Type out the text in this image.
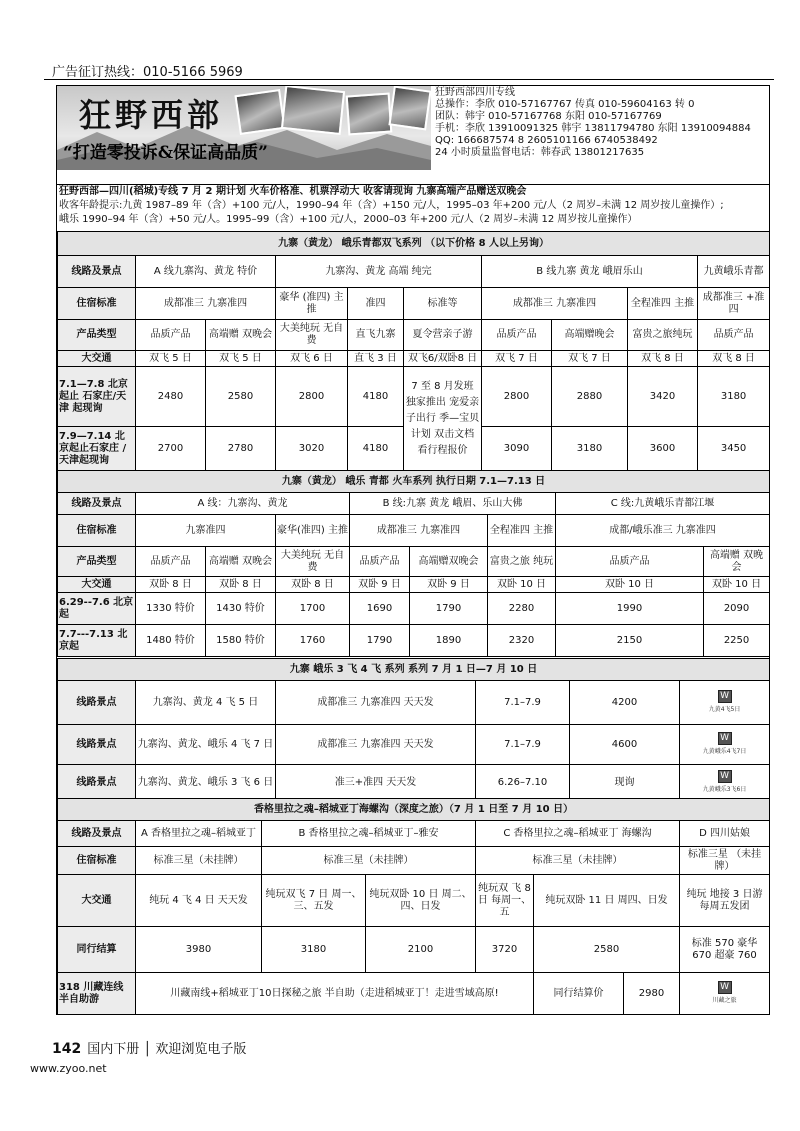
广告征订热线：010-5166 5969
狂野西部
“打造零投诉&保证高品质”
狂野西部四川专线
总操作：李欣 010-57167767 传真 010-59604163 转 0
团队：韩宇 010-57167768 东阳 010-57167769
手机：李欣 13910091325 韩宇 13811794780 东阳 13910094884
QQ: 166687574 8 2605101166 6740538492
24 小时质量监督电话：韩春武 13801217635
狂野西部—四川(稻城)专线 7 月 2 期计划 火车价格准、机票浮动大 收客请现询 九寨高端产品赠送双晚会
收客年龄提示:九黄 1987–89 年（含）+100 元/人，1990–94 年（含）+150 元/人，1995–03 年+200 元/人（2 周岁–未满 12 周岁按儿童操作）;
峨乐 1990–94 年（含）+50 元/人。1995–99（含）+100 元/人，2000–03 年+200 元/人（2 周岁–未满 12 周岁按儿童操作）
九寨（黄龙） 峨乐青都双飞系列 （以下价格 8 人以上另询）									
线路及景点	A 线九寨沟、黄龙 特价		九寨沟、黄龙 高端 纯完			B 线九寨 黄龙 峨眉乐山			九黄峨乐青都
住宿标准	成都准三 九寨准四		豪华 (准四) 主推	准四	标准等	成都准三 九寨准四		全程准四 主推	成都准三 +准四
产品类型	品质产品	高端赠 双晚会	大美纯玩 无自费	直飞九寨	夏令营亲子游	品质产品	高端赠晚会	富贵之旅纯玩	品质产品
大交通	双飞 5 日	双飞 5 日	双飞 6 日	直飞 3 日	双飞6/双卧8 日	双飞 7 日	双飞 7 日	双飞 8 日	双飞 8 日
7.1—7.8 北京起止 石家庄/天津 起现询	2480	2580	2800	4180	7 至 8 月发班 独家推出 宠爱亲子出行 季—宝贝计划 双击文档 看行程报价	2800	2880	3420	3180
7.9—7.14 北京起止石家庄 /天津起现询	2700	2780	3020	4180		3090	3180	3600	3450
九寨（黄龙） 峨乐 青都 火车系列 执行日期 7.1—7.13 日								
线路及景点	A 线：九寨沟、黄龙			B 线:九寨 黄龙 峨眉、乐山大佛			C 线:九黄峨乐青都江堰	
住宿标准	九寨准四		豪华(准四) 主推	成都准三 九寨准四		全程准四 主推	成都/峨乐准三 九寨准四	
产品类型	品质产品	高端赠 双晚会	大美纯玩 无自费	品质产品	高端赠双晚会	富贵之旅 纯玩	品质产品	高端赠 双晚会
大交通	双卧 8 日	双卧 8 日	双卧 8 日	双卧 9 日	双卧 9 日	双卧 10 日	双卧 10 日	双卧 10 日
6.29--7.6 北京起	1330 特价	1430 特价	1700	1690	1790	2280	1990	2090
7.7---7.13 北京起	1480 特价	1580 特价	1760	1790	1890	2320	2150	2250
九寨 峨乐 3 飞 4 飞 系列 系列 7 月 1 日—7 月 10 日					
线路景点	九寨沟、黄龙 4 飞 5 日	成都准三 九寨准四 天天发	7.1–7.9	4200	W
九黄4飞5日
线路景点	九寨沟、黄龙、峨乐 4 飞 7 日	成都准三 九寨准四 天天发	7.1–7.9	4600	W
九黄峨乐4飞7日
线路景点	九寨沟、黄龙、峨乐 3 飞 6 日	准三+准四 天天发	6.26–7.10	现询	W
九黄峨乐3飞6日
香格里拉之魂–稻城亚丁海螺沟（深度之旅）（7 月 1 日至 7 月 10 日）							
线路及景点	A 香格里拉之魂–稻城亚丁	B 香格里拉之魂–稻城亚丁–雅安		C 香格里拉之魂–稻城亚丁 海螺沟			D 四川姑娘
住宿标准	标准三星（未挂牌）	标准三星（未挂牌）		标准三星（未挂牌）			标准三星 （未挂牌）
大交通	纯玩 4 飞 4 日 天天发	纯玩双飞 7 日 周一、三、五发	纯玩双卧 10 日 周二、四、日发	纯玩双 飞 8 日 每周一、五	纯玩双卧 11 日 周四、日发		纯玩 地接 3 日游 每周五发团
同行结算	3980	3180	2100	3720	2580		标准 570 豪华 670 超豪 760
318 川藏连线 半自助游	川藏南线+稻城亚丁10日探秘之旅 半自助（走进稻城亚丁！走进雪域高原!				同行结算价	2980	W
川藏之旅
142 国内下册 │ 欢迎浏览电子版
www.zyoo.net
